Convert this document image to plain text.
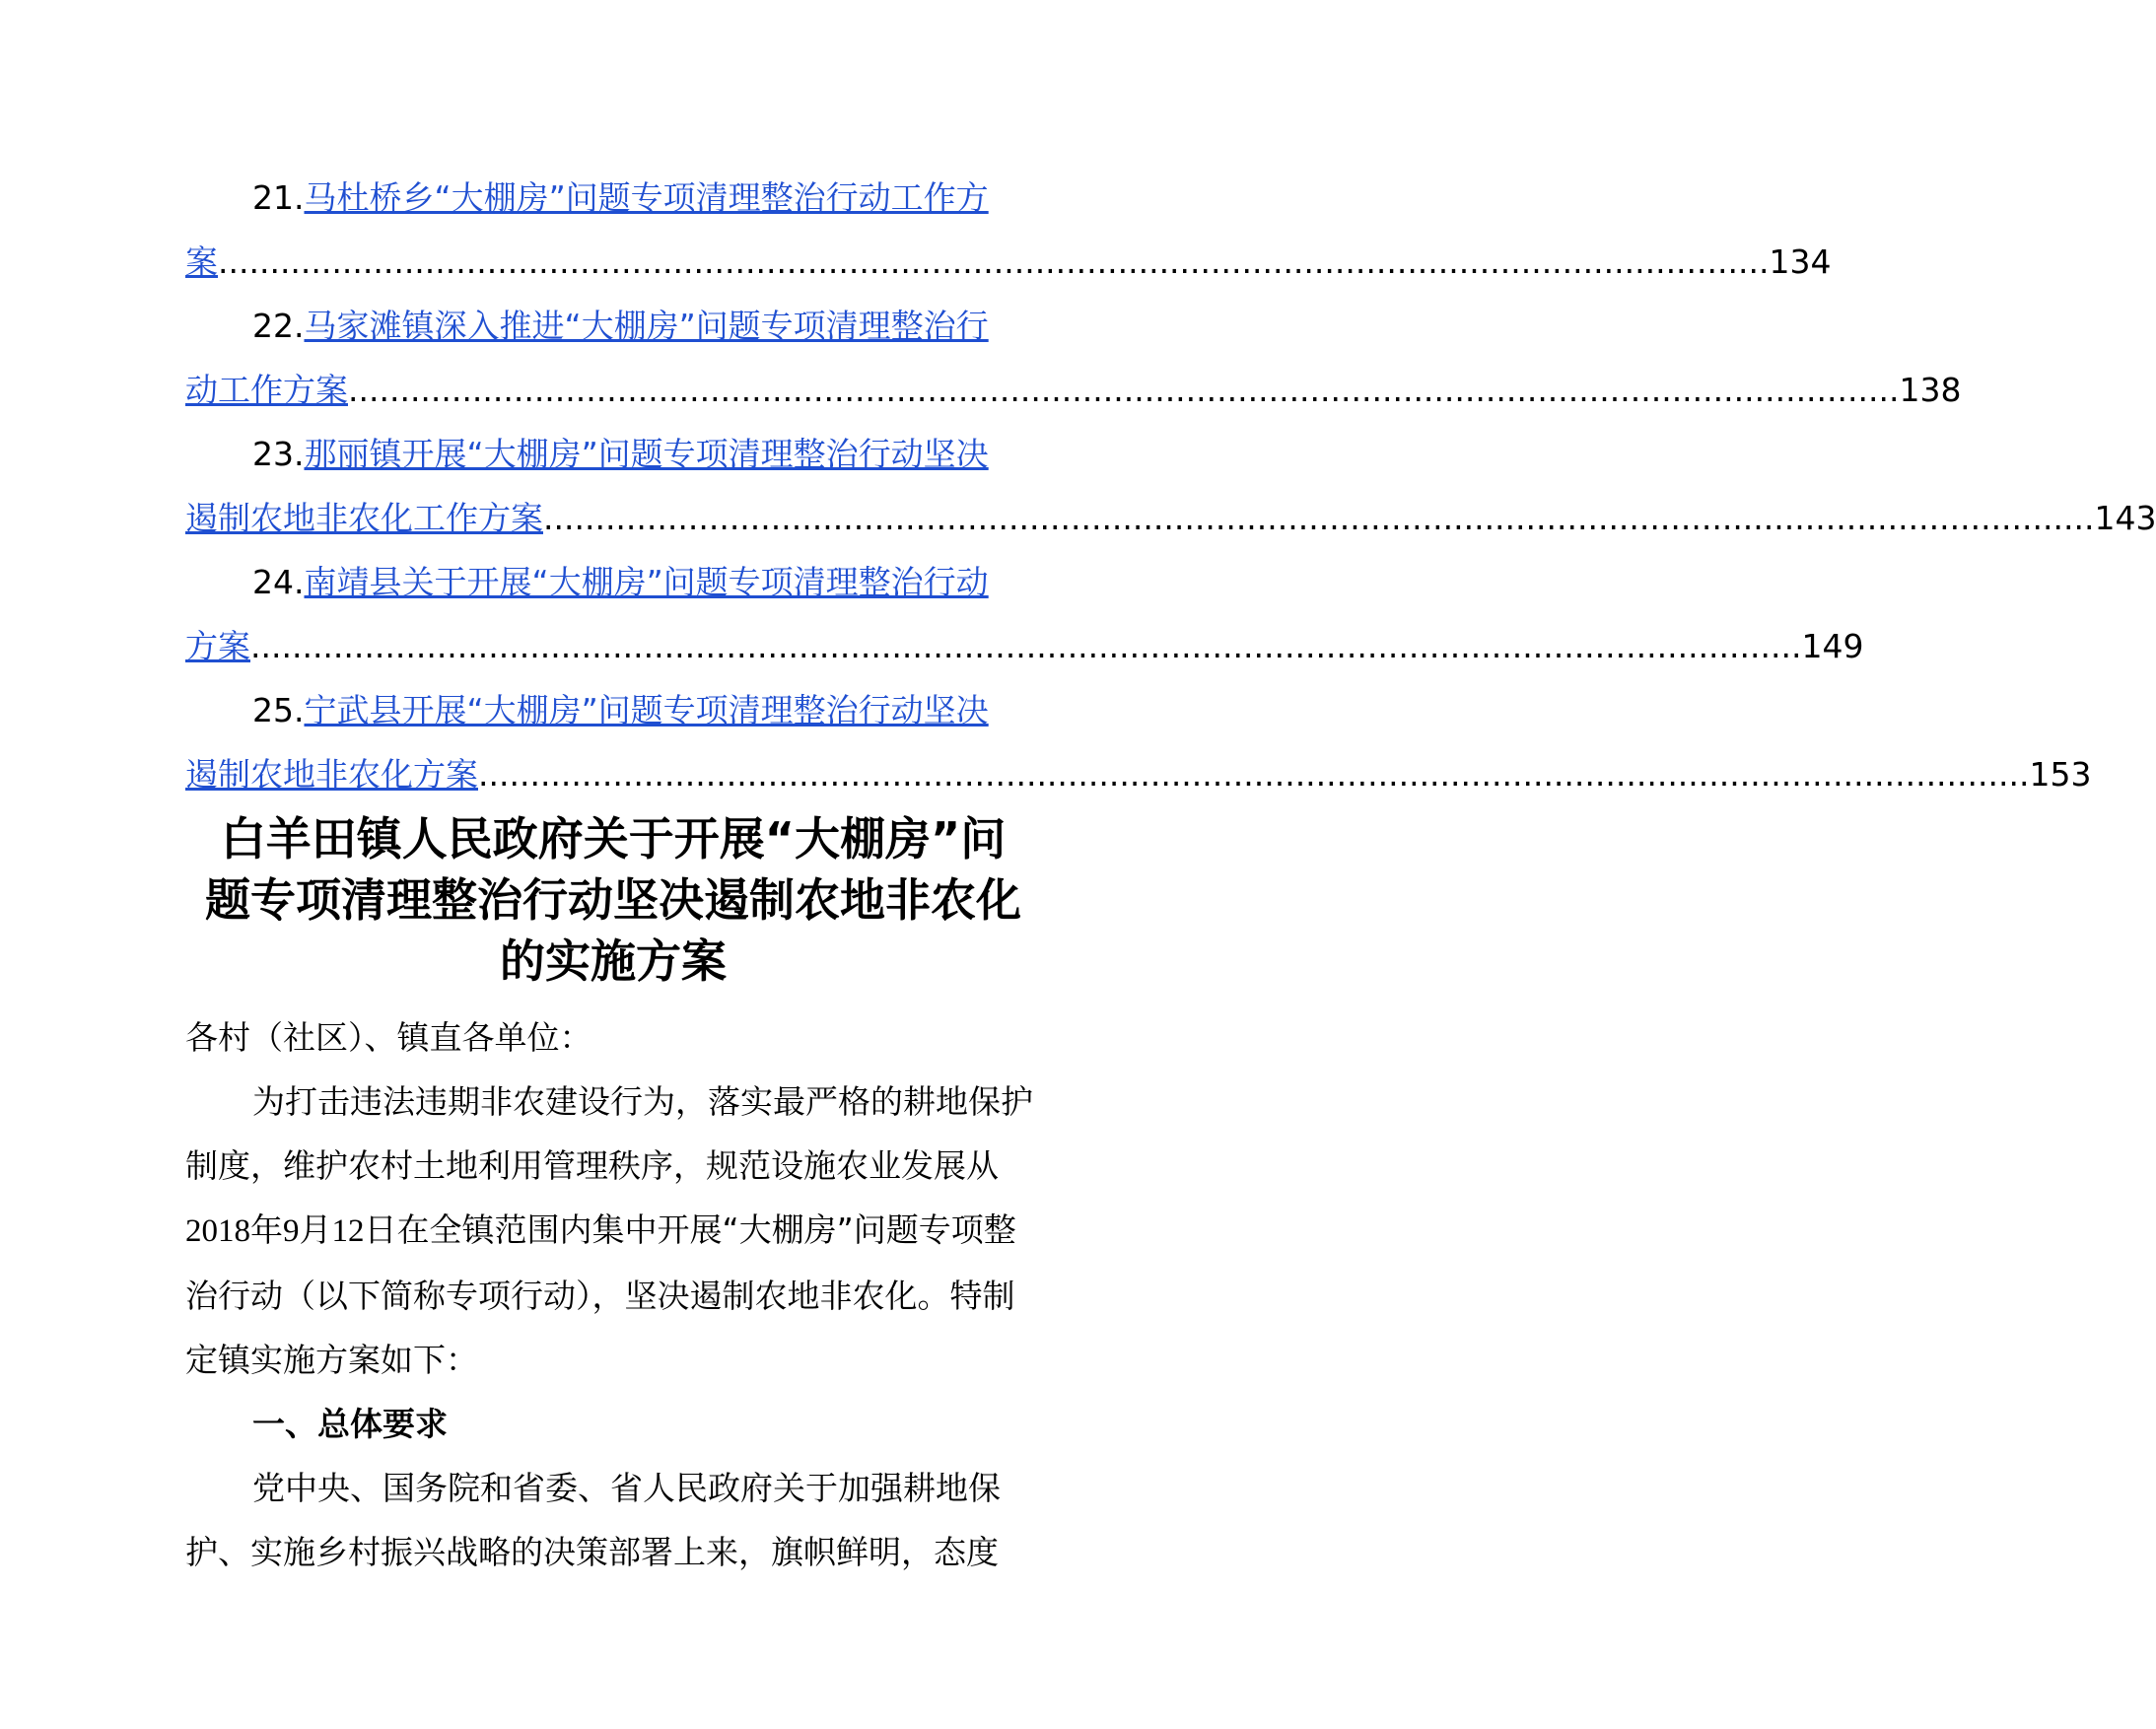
21.马杜桥乡“大棚房”问题专项清理整治行动工作方
案 ...................................................................................................................................................... 134
22.马家滩镇深入推进“大棚房”问题专项清理整治行
动工作方案 ...................................................................................................................................................... 138
23.那丽镇开展“大棚房”问题专项清理整治行动坚决
遏制农地非农化工作方案 ...................................................................................................................................................... 143
24.南靖县关于开展“大棚房”问题专项清理整治行动
方案 ...................................................................................................................................................... 149
25.宁武县开展“大棚房”问题专项清理整治行动坚决
遏制农地非农化方案 ...................................................................................................................................................... 153
白羊田镇人民政府关于开展“大棚房”问
题专项清理整治行动坚决遏制农地非农化
的实施方案

各村（社区）、镇直各单位：

为打击违法违期非农建设行为，落实最严格的耕地保护制度，维护农村土地利用管理秩序，规范设施农业发展从2018年9月12日在全镇范围内集中开展“大棚房”问题专项整治行动（以下简称专项行动），坚决遏制农地非农化。特制定镇实施方案如下：

一、总体要求

党中央、国务院和省委、省人民政府关于加强耕地保护、实施乡村振兴战略的决策部署上来，旗帜鲜明，态度
